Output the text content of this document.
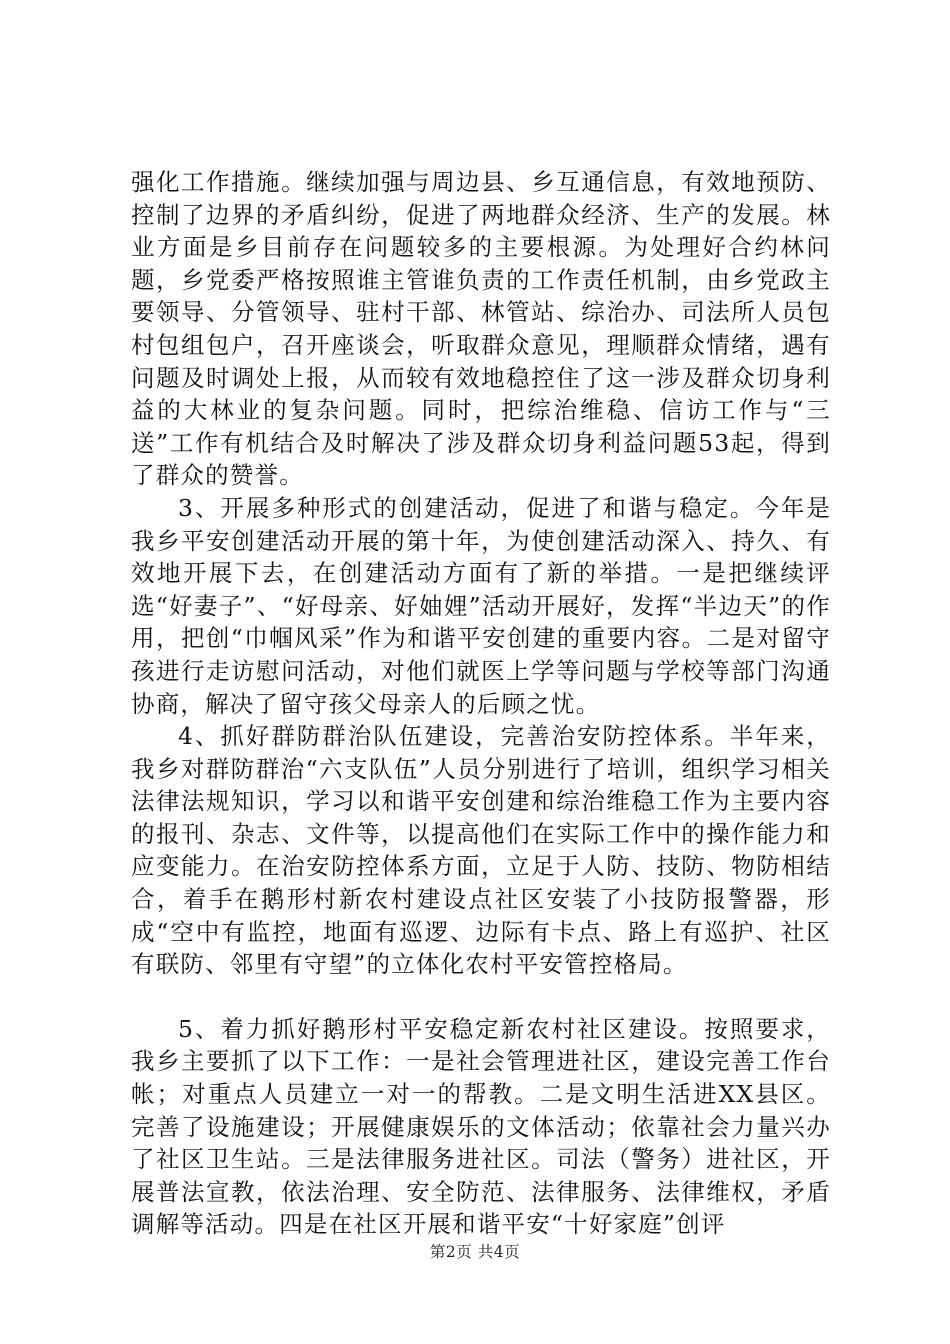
强化工作措施。继续加强与周边县、乡互通信息，有效地预防、控制了边界的矛盾纠纷，促进了两地群众经济、生产的发展。林业方面是乡目前存在问题较多的主要根源。为处理好合约林问题，乡党委严格按照谁主管谁负责的工作责任机制，由乡党政主要领导、分管领导、驻村干部、林管站、综治办、司法所人员包村包组包户，召开座谈会，听取群众意见，理顺群众情绪，遇有问题及时调处上报，从而较有效地稳控住了这一涉及群众切身利益的大林业的复杂问题。同时，把综治维稳、信访工作与“三送”工作有机结合及时解决了涉及群众切身利益问题53起，得到了群众的赞誉。

3、开展多种形式的创建活动，促进了和谐与稳定。今年是我乡平安创建活动开展的第十年，为使创建活动深入、持久、有效地开展下去，在创建活动方面有了新的举措。一是把继续评选“好妻子”、“好母亲、好妯娌”活动开展好，发挥“半边天”的作用，把创“巾帼风采”作为和谐平安创建的重要内容。二是对留守孩进行走访慰问活动，对他们就医上学等问题与学校等部门沟通协商，解决了留守孩父母亲人的后顾之忧。

4、抓好群防群治队伍建设，完善治安防控体系。半年来，我乡对群防群治“六支队伍”人员分别进行了培训，组织学习相关法律法规知识，学习以和谐平安创建和综治维稳工作为主要内容的报刊、杂志、文件等，以提高他们在实际工作中的操作能力和应变能力。在治安防控体系方面，立足于人防、技防、物防相结合，着手在鹅形村新农村建设点社区安装了小技防报警器，形成“空中有监控，地面有巡逻、边际有卡点、路上有巡护、社区有联防、邻里有守望”的立体化农村平安管控格局。

5、着力抓好鹅形村平安稳定新农村社区建设。按照要求，我乡主要抓了以下工作：一是社会管理进社区，建设完善工作台帐；对重点人员建立一对一的帮教。二是文明生活进XX县区。完善了设施建设；开展健康娱乐的文体活动；依靠社会力量兴办了社区卫生站。三是法律服务进社区。司法（警务）进社区，开展普法宣教，依法治理、安全防范、法律服务、法律维权，矛盾调解等活动。四是在社区开展和谐平安“十好家庭”创评

第2页 共4页
